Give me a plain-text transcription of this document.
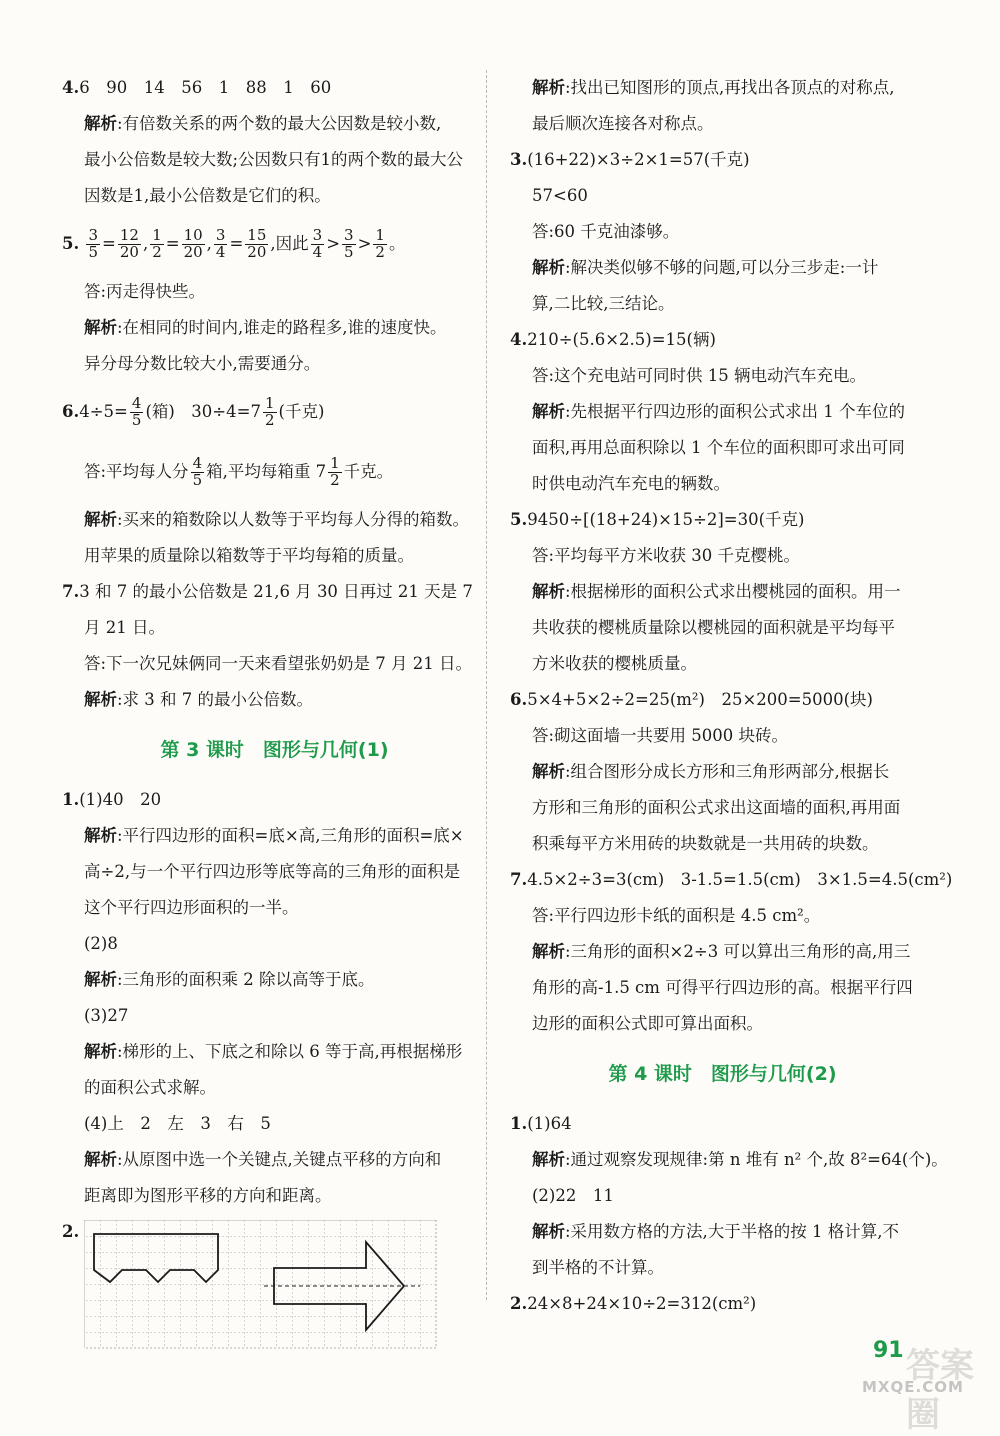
4.6　90　14　56　1　88　1　60
解析:有倍数关系的两个数的最大公因数是较小数,
最小公倍数是较大数;公因数只有1的两个数的最大公
因数是1,最小公倍数是它们的积。
5. $\frac{3}{5} = \frac{12}{20}$ , $\frac{1}{2} = \frac{10}{20}$ , $\frac{3}{4} = \frac{15}{20}$ ,因此 $\frac{3}{4} > \frac{3}{5} > \frac{1}{2}$ 。
答:丙走得快些。
解析:在相同的时间内,谁走的路程多,谁的速度快。
异分母分数比较大小,需要通分。
$6.4\div 5= \frac{4}{5}$ (箱)　$30\div 4=7 \frac{1}{2}$ (千克)
答:平均每人分 $\frac{4}{5}$ 箱,平均每箱重 $7 \frac{1}{2}$ 千克。
解析:买来的箱数除以人数等于平均每人分得的箱数。
用苹果的质量除以箱数等于平均每箱的质量。
7.3 和 7 的最小公倍数是 21,6 月 30 日再过 21 天是 7
月 21 日。
答:下一次兄妹俩同一天来看望张奶奶是 7 月 21 日。
解析:求 3 和 7 的最小公倍数。
第 3 课时　图形与几何(1)
1.(1)40　20
解析:平行四边形的面积=底×高,三角形的面积=底×
高÷2,与一个平行四边形等底等高的三角形的面积是
这个平行四边形面积的一半。
(2)8
解析:三角形的面积乘 2 除以高等于底。
(3)27
解析:梯形的上、下底之和除以 6 等于高,再根据梯形
的面积公式求解。
(4)上　2　左　3　右　5
解析:从原图中选一个关键点,关键点平移的方向和
距离即为图形平移的方向和距离。
2.
解析:找出已知图形的顶点,再找出各顶点的对称点,
最后顺次连接各对称点。
3.(16+22)×3÷2×1=57(千克)
57<60
答:60 千克油漆够。
解析:解决类似够不够的问题,可以分三步走:一计
算,二比较,三结论。
4.210÷(5.6×2.5)=15(辆)
答:这个充电站可同时供 15 辆电动汽车充电。
解析:先根据平行四边形的面积公式求出 1 个车位的
面积,再用总面积除以 1 个车位的面积即可求出可同
时供电动汽车充电的辆数。
5.9450÷[(18+24)×15÷2]=30(千克)
答:平均每平方米收获 30 千克樱桃。
解析:根据梯形的面积公式求出樱桃园的面积。用一
共收获的樱桃质量除以樱桃园的面积就是平均每平
方米收获的樱桃质量。
6.5×4+5×2÷2=25(m²)　25×200=5000(块)
答:砌这面墙一共要用 5000 块砖。
解析:组合图形分成长方形和三角形两部分,根据长
方形和三角形的面积公式求出这面墙的面积,再用面
积乘每平方米用砖的块数就是一共用砖的块数。
7.4.5×2÷3=3(cm)　3-1.5=1.5(cm)　3×1.5=4.5(cm²)
答:平行四边形卡纸的面积是 4.5 cm²。
解析:三角形的面积×2÷3 可以算出三角形的高,用三
角形的高-1.5 cm 可得平行四边形的高。根据平行四
边形的面积公式即可算出面积。
第 4 课时　图形与几何(2)
1.(1)64
解析:通过观察发现规律:第 n 堆有 n² 个,故 8²=64(个)。
(2)22　11
解析:采用数方格的方法,大于半格的按 1 格计算,不
到半格的不计算。
2.24×8+24×10÷2=312(cm²)
91 答案圈
MXQE.COM
